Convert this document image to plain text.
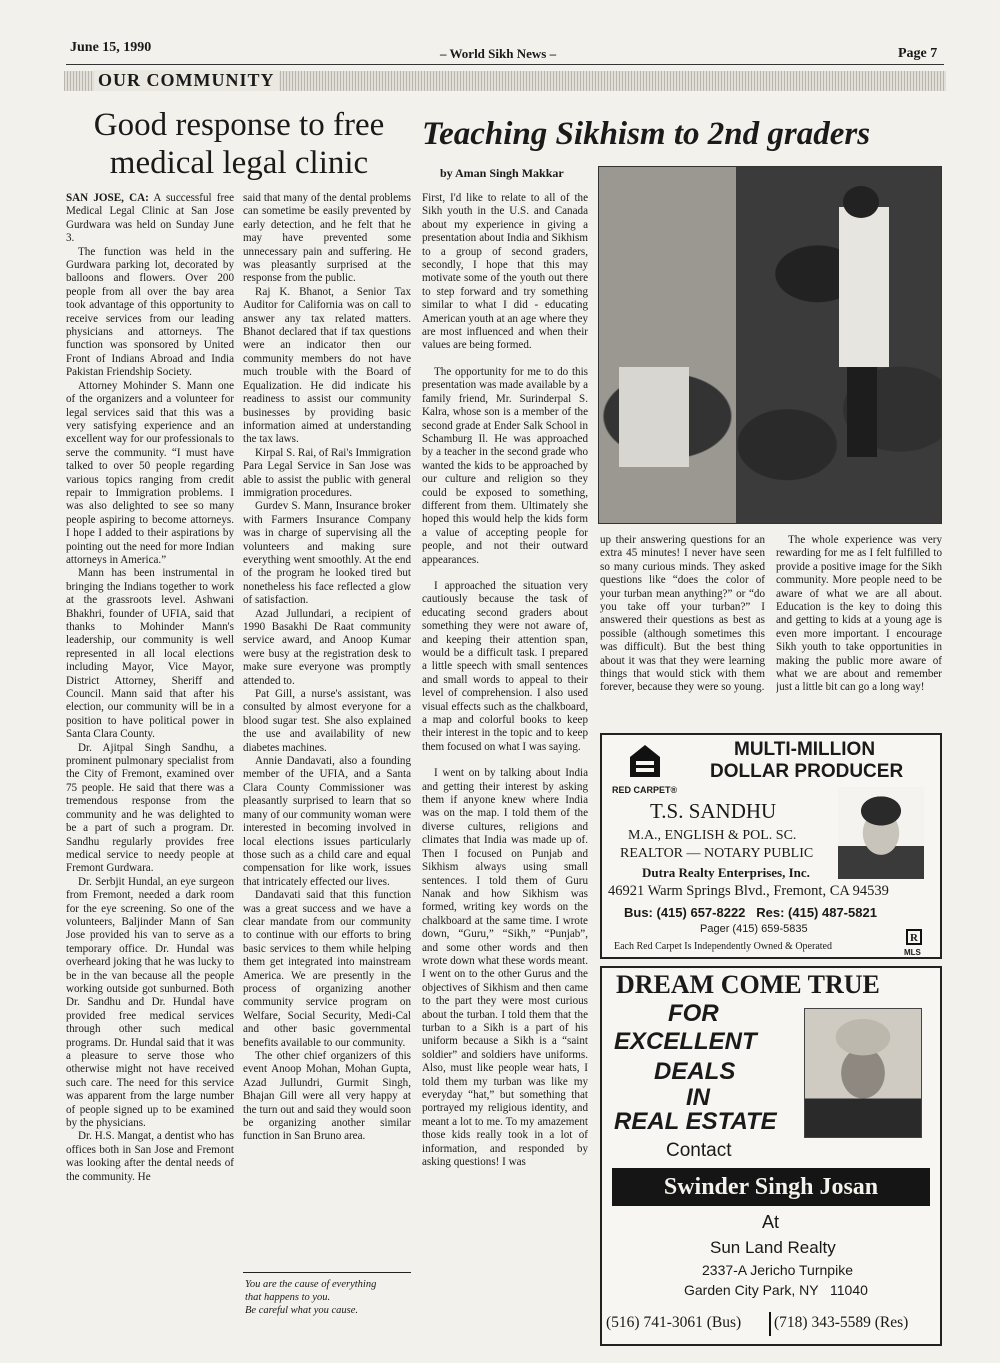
June 15, 1990	– World Sikh News –	Page 7
OUR COMMUNITY
Good response to free
medical legal clinic
Teaching Sikhism to 2nd graders
by Aman Singh Makkar

SAN JOSE, CA: A successful free Medical Legal Clinic at San Jose Gurdwara was held on Sunday June 3.

The function was held in the Gurdwara parking lot, decorated by balloons and flowers. Over 200 people from all over the bay area took advantage of this opportunity to receive services from our leading physicians and attorneys. The function was sponsored by United Front of Indians Abroad and India Pakistan Friendship Society.

Attorney Mohinder S. Mann one of the organizers and a volunteer for legal services said that this was a very satisfying experience and an excellent way for our professionals to serve the community. “I must have talked to over 50 people regarding various topics ranging from credit repair to Immigration problems. I was also delighted to see so many people aspiring to become attorneys. I hope I added to their aspirations by pointing out the need for more Indian attorneys in America.”

Mann has been instrumental in bringing the Indians together to work at the grassroots level. Ashwani Bhakhri, founder of UFIA, said that thanks to Mohinder Mann's leadership, our community is well represented in all local elections including Mayor, Vice Mayor, District Attorney, Sheriff and Council. Mann said that after his election, our community will be in a position to have political power in Santa Clara County.

Dr. Ajitpal Singh Sandhu, a prominent pulmonary specialist from the City of Fremont, examined over 75 people. He said that there was a tremendous response from the community and he was delighted to be a part of such a program. Dr. Sandhu regularly provides free medical service to needy people at Fremont Gurdwara.

Dr. Serbjit Hundal, an eye surgeon from Fremont, needed a dark room for the eye screening. So one of the volunteers, Baljinder Mann of San Jose provided his van to serve as a temporary office. Dr. Hundal was overheard joking that he was lucky to be in the van because all the people working outside got sunburned. Both Dr. Sandhu and Dr. Hundal have provided free medical services through other such medical programs. Dr. Hundal said that it was a pleasure to serve those who otherwise might not have received such care. The need for this service was apparent from the large number of people signed up to be examined by the physicians.

Dr. H.S. Mangat, a dentist who has offices both in San Jose and Fremont was looking after the dental needs of the community. He

said that many of the dental problems can sometime be easily prevented by early detection, and he felt that he may have prevented some unnecessary pain and suffering. He was pleasantly surprised at the response from the public.

Raj K. Bhanot, a Senior Tax Auditor for California was on call to answer any tax related matters. Bhanot declared that if tax questions were an indicator then our community members do not have much trouble with the Board of Equalization. He did indicate his readiness to assist our community businesses by providing basic information aimed at understanding the tax laws.

Kirpal S. Rai, of Rai's Immigration Para Legal Service in San Jose was able to assist the public with general immigration procedures.

Gurdev S. Mann, Insurance broker with Farmers Insurance Company was in charge of supervising all the volunteers and making sure everything went smoothly. At the end of the program he looked tired but nonetheless his face reflected a glow of satisfaction.

Azad Jullundari, a recipient of 1990 Basakhi De Raat community service award, and Anoop Kumar were busy at the registration desk to make sure everyone was promptly attended to.

Pat Gill, a nurse's assistant, was consulted by almost everyone for a blood sugar test. She also explained the use and availability of new diabetes machines.

Annie Dandavati, also a founding member of the UFIA, and a Santa Clara County Commissioner was pleasantly surprised to learn that so many of our community woman were interested in becoming involved in local elections issues particularly those such as a child care and equal compensation for like work, issues that intricately effected our lives.

Dandavati said that this function was a great success and we have a clear mandate from our community to continue with our efforts to bring basic services to them while helping them get integrated into mainstream America. We are presently in the process of organizing another community service program on Welfare, Social Security, Medi-Cal and other basic governmental benefits available to our community.

The other chief organizers of this event Anoop Mohan, Mohan Gupta, Azad Jullundri, Gurmit Singh, Bhajan Gill were all very happy at the turn out and said they would soon be organizing another similar function in San Bruno area.

You are the cause of everything
that happens to you.
Be careful what you cause.

First, I'd like to relate to all of the Sikh youth in the U.S. and Canada about my experience in giving a presentation about India and Sikhism to a group of second graders, secondly, I hope that this may motivate some of the youth out there to step forward and try something similar to what I did - educating American youth at an age where they are most influenced and when their values are being formed.

The opportunity for me to do this presentation was made available by a family friend, Mr. Surinderpal S. Kalra, whose son is a member of the second grade at Ender Salk School in Schamburg Il. He was approached by a teacher in the second grade who wanted the kids to be approached by our culture and religion so they could be exposed to something, different from them. Ultimately she hoped this would help the kids form a value of accepting people for people, and not their outward appearances.

I approached the situation very cautiously because the task of educating second graders about something they were not aware of, and keeping their attention span, would be a difficult task. I prepared a little speech with small sentences and small words to appeal to their level of comprehension. I also used visual effects such as the chalkboard, a map and colorful books to keep their interest in the topic and to keep them focused on what I was saying.

I went on by talking about India and getting their interest by asking them if anyone knew where India was on the map. I told them of the diverse cultures, religions and climates that India was made up of. Then I focused on Punjab and Sikhism always using small sentences. I told them of Guru Nanak and how Sikhism was formed, writing key words on the chalkboard at the same time. I wrote down, “Guru,” “Sikh,” “Punjab”, and some other words and then wrote down what these words meant. I went on to the other Gurus and the objectives of Sikhism and then came to the part they were most curious about the turban. I told them that the turban to a Sikh is a part of his uniform because a Sikh is a “saint soldier” and soldiers have uniforms. Also, must like people wear hats, I told them my turban was like my everyday “hat,” but something that portrayed my religious identity, and meant a lot to me. To my amazement those kids really took in a lot of information, and responded by asking questions! I was

up their answering questions for an extra 45 minutes! I never have seen so many curious minds. They asked questions like “does the color of your turban mean anything?” or “do you take off your turban?” I answered their questions as best as possible (although sometimes this was difficult). But the best thing about it was that they were learning things that would stick with them forever, because they were so young.

The whole experience was very rewarding for me as I felt fulfilled to provide a positive image for the Sikh community. More people need to be aware of what we are all about. Education is the key to doing this and getting to kids at a young age is even more important. I encourage Sikh youth to take opportunities in making the public more aware of what we are about and remember just a little bit can go a long way!

MULTI-MILLION
DOLLAR PRODUCER
RED CARPET®
T.S. SANDHU
M.A., ENGLISH & POL. SC.
REALTOR — NOTARY PUBLIC
Dutra Realty Enterprises, Inc.
46921 Warm Springs Blvd., Fremont, CA 94539
Bus: (415) 657-8222   Res: (415) 487-5821
Pager (415) 659-5835
Each Red Carpet Is Independently Owned & Operated
R
MLS
DREAM COME TRUE
FOR
EXCELLENT
DEALS
IN
REAL ESTATE
Contact
Swinder Singh Josan
At
Sun Land Realty
2337-A Jericho Turnpike
Garden City Park, NY   11040
(516) 741-3061 (Bus) (718) 343-5589 (Res)
